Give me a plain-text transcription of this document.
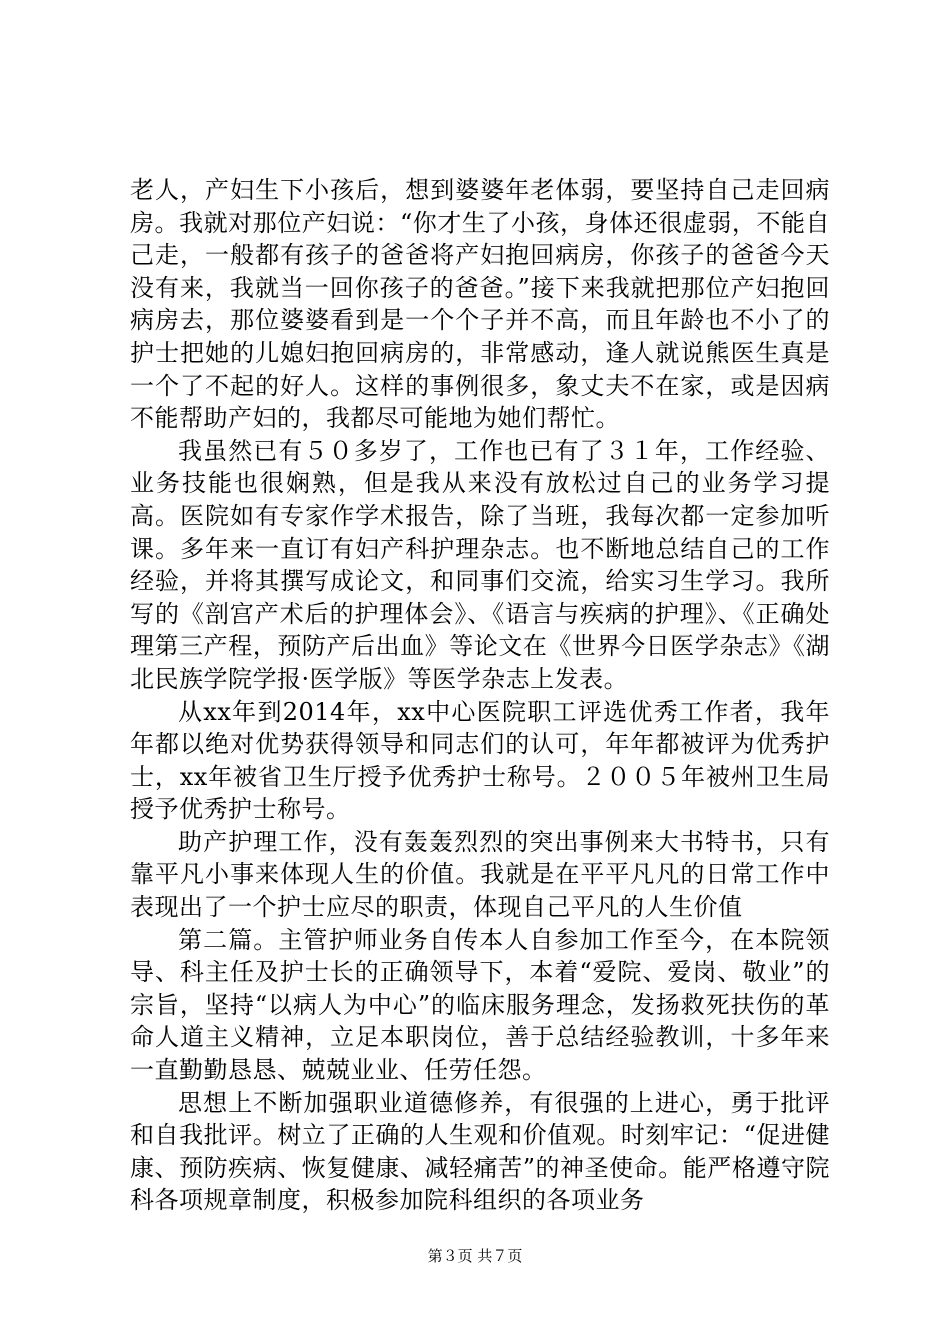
老人，产妇生下小孩后，想到婆婆年老体弱，要坚持自己走回病房。我就对那位产妇说：“你才生了小孩，身体还很虚弱，不能自己走，一般都有孩子的爸爸将产妇抱回病房，你孩子的爸爸今天没有来，我就当一回你孩子的爸爸。”接下来我就把那位产妇抱回病房去，那位婆婆看到是一个个子并不高，而且年龄也不小了的护士把她的儿媳妇抱回病房的，非常感动，逢人就说熊医生真是一个了不起的好人。这样的事例很多，象丈夫不在家，或是因病不能帮助产妇的，我都尽可能地为她们帮忙。

我虽然已有５０多岁了，工作也已有了３１年，工作经验、业务技能也很娴熟，但是我从来没有放松过自己的业务学习提高。医院如有专家作学术报告，除了当班，我每次都一定参加听课。多年来一直订有妇产科护理杂志。也不断地总结自己的工作经验，并将其撰写成论文，和同事们交流，给实习生学习。我所写的《剖宫产术后的护理体会》、《语言与疾病的护理》、《正确处理第三产程，预防产后出血》等论文在《世界今日医学杂志》《湖北民族学院学报·医学版》等医学杂志上发表。

从xx年到2014年，xx中心医院职工评选优秀工作者，我年年都以绝对优势获得领导和同志们的认可，年年都被评为优秀护士，xx年被省卫生厅授予优秀护士称号。２００５年被州卫生局授予优秀护士称号。

助产护理工作，没有轰轰烈烈的突出事例来大书特书，只有靠平凡小事来体现人生的价值。我就是在平平凡凡的日常工作中表现出了一个护士应尽的职责，体现自己平凡的人生价值

第二篇。主管护师业务自传本人自参加工作至今，在本院领导、科主任及护士长的正确领导下，本着“爱院、爱岗、敬业”的宗旨，坚持“以病人为中心”的临床服务理念，发扬救死扶伤的革命人道主义精神，立足本职岗位，善于总结经验教训，十多年来一直勤勤恳恳、兢兢业业、任劳任怨。

思想上不断加强职业道德修养，有很强的上进心，勇于批评和自我批评。树立了正确的人生观和价值观。时刻牢记：“促进健康、预防疾病、恢复健康、减轻痛苦”的神圣使命。能严格遵守院科各项规章制度，积极参加院科组织的各项业务

第３页 共７页
